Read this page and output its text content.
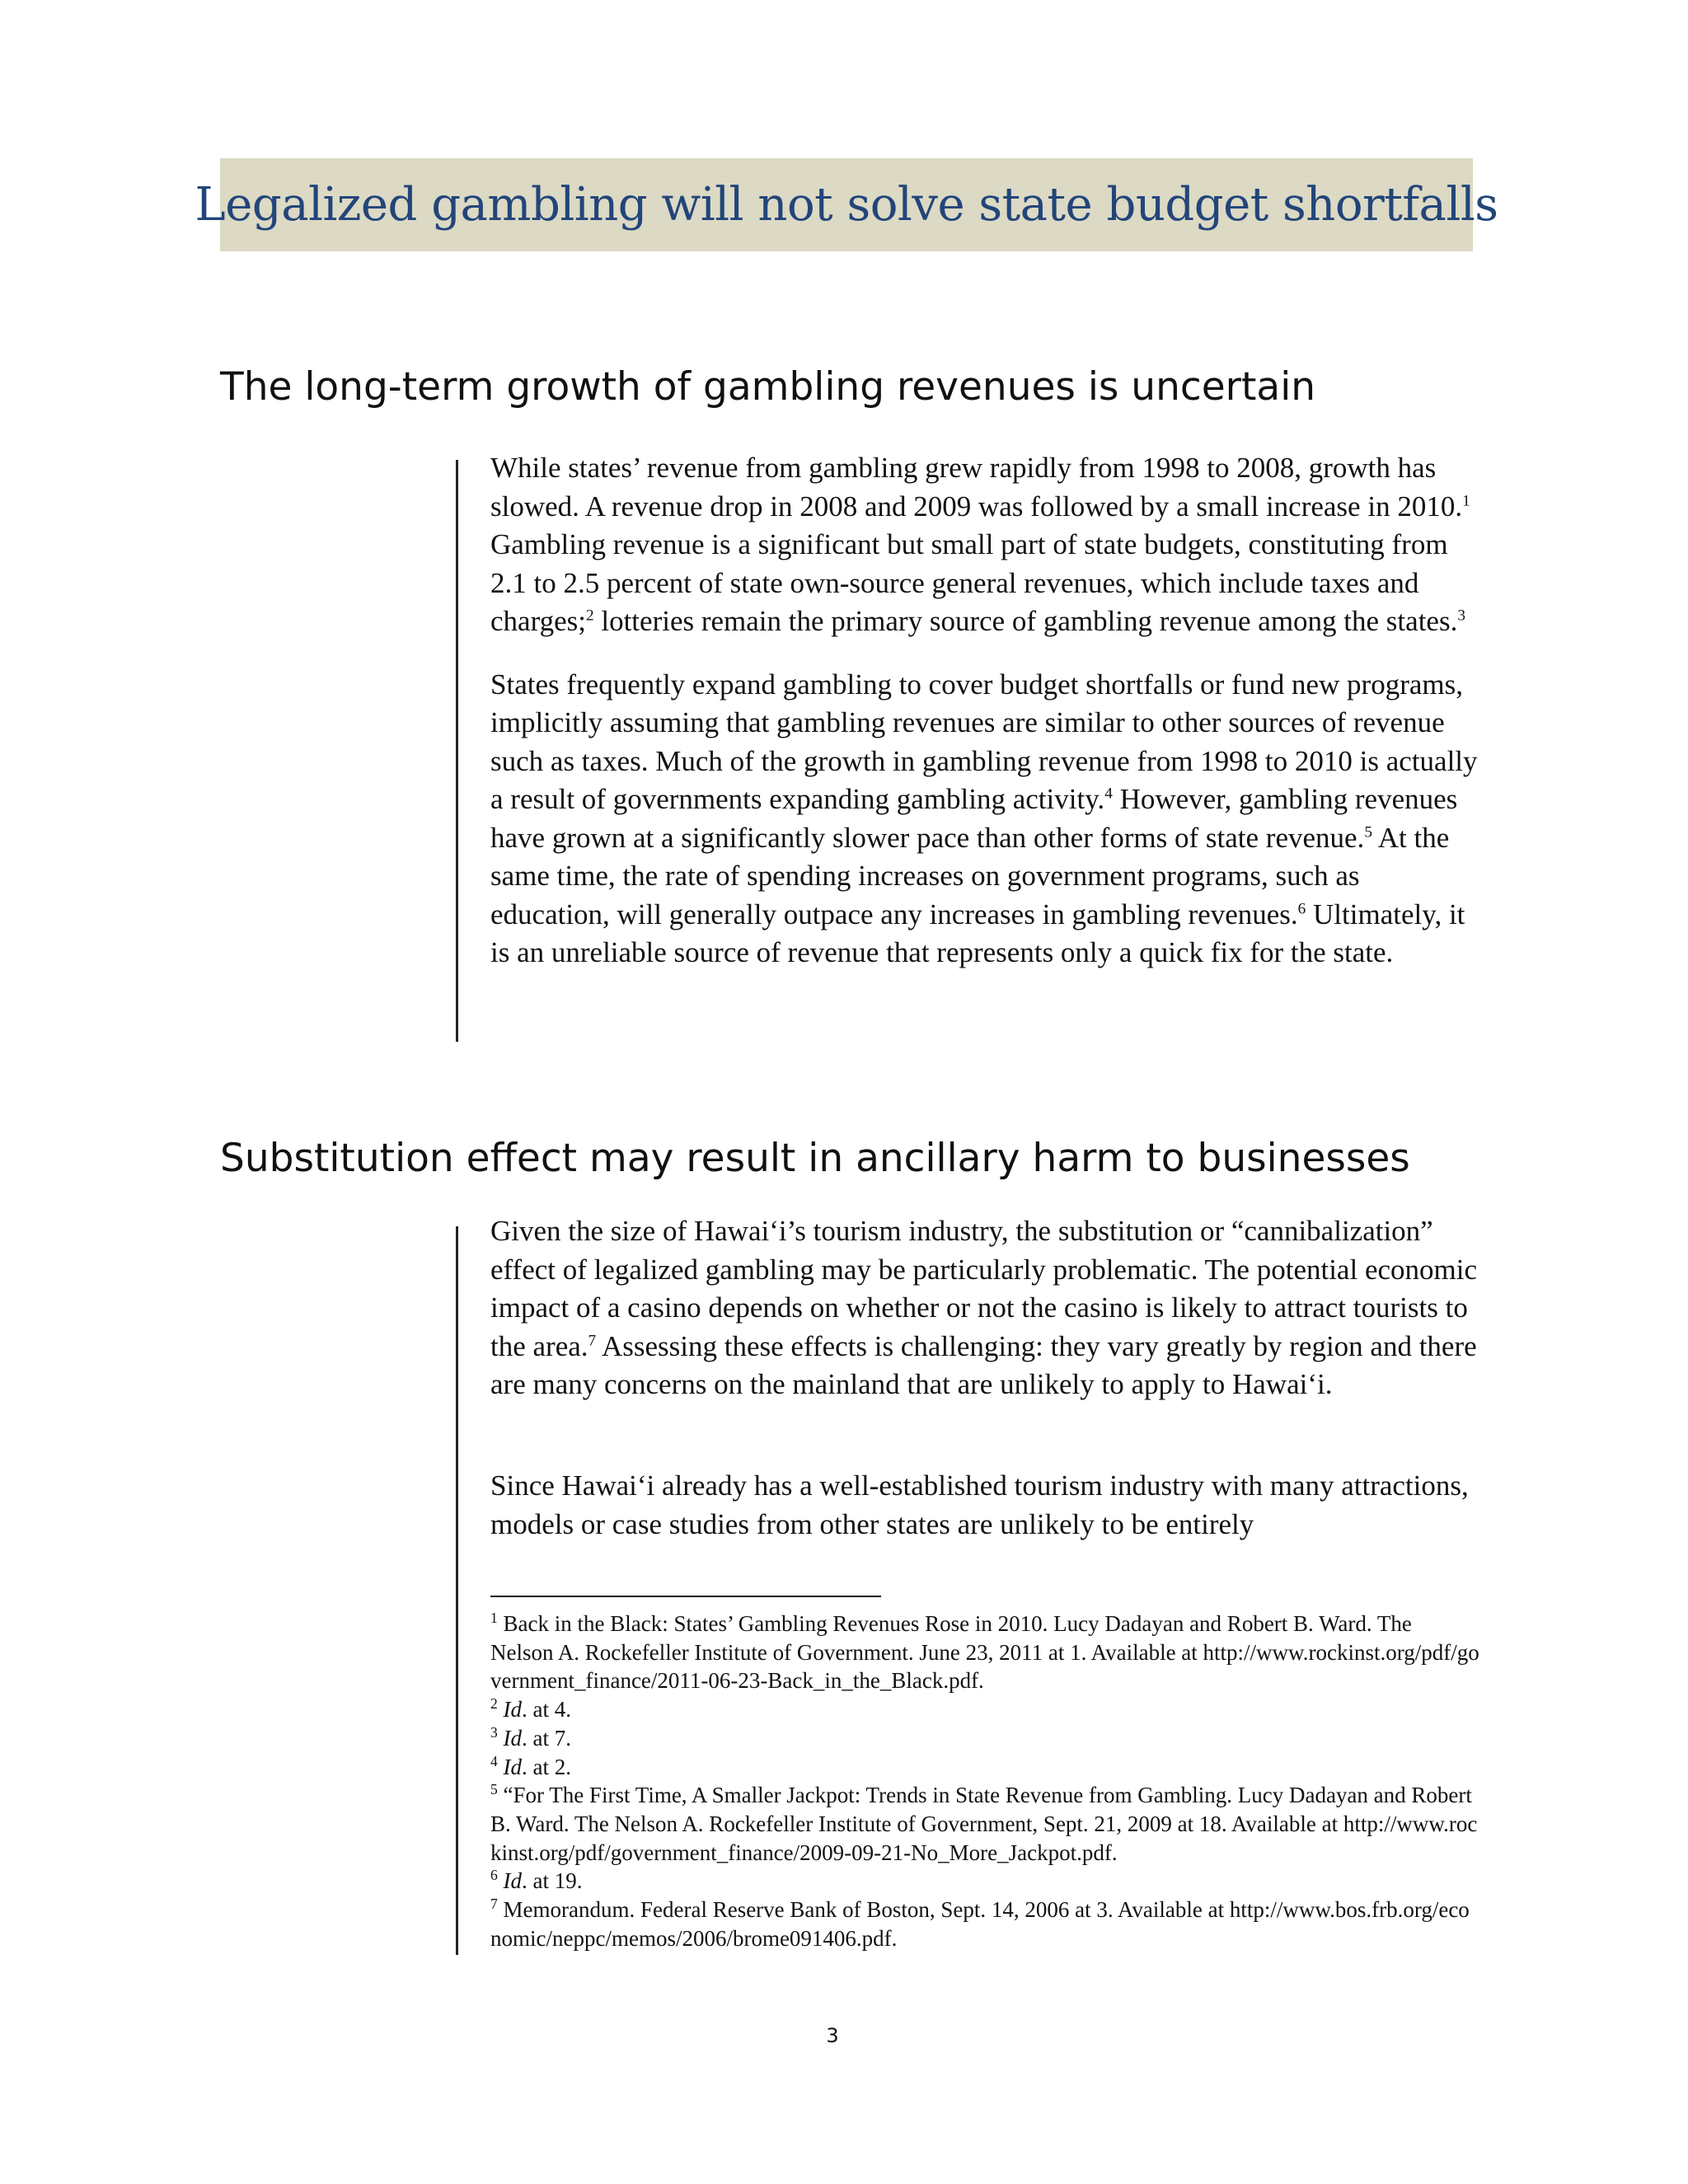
Legalized gambling will not solve state budget shortfalls
The long-term growth of gambling revenues is uncertain

While states’ revenue from gambling grew rapidly from 1998 to 2008, growth has slowed. A revenue drop in 2008 and 2009 was followed by a small increase in 2010.$^1$ Gambling revenue is a significant but small part of state budgets, constituting from 2.1 to 2.5 percent of state own-source general revenues, which include taxes and charges;$^2$ lotteries remain the primary source of gambling revenue among the states.$^3$

States frequently expand gambling to cover budget shortfalls or fund new programs, implicitly assuming that gambling revenues are similar to other sources of revenue such as taxes. Much of the growth in gambling revenue from 1998 to 2010 is actually a result of governments expanding gambling activity.$^4$ However, gambling revenues have grown at a significantly slower pace than other forms of state revenue.$^5$ At the same time, the rate of spending increases on government programs, such as education, will generally outpace any increases in gambling revenues.$^6$ Ultimately, it is an unreliable source of revenue that represents only a quick fix for the state.

Substitution effect may result in ancillary harm to businesses

Given the size of Hawai‘i’s tourism industry, the substitution or “cannibalization” effect of legalized gambling may be particularly problematic. The potential economic impact of a casino depends on whether or not the casino is likely to attract tourists to the area.$^7$ Assessing these effects is challenging: they vary greatly by region and there are many concerns on the mainland that are unlikely to apply to Hawai‘i.

Since Hawai‘i already has a well-established tourism industry with many attractions, models or case studies from other states are unlikely to be entirely

$^1$ Back in the Black: States’ Gambling Revenues Rose in 2010. Lucy Dadayan and Robert B. Ward. The Nelson A. Rockefeller Institute of Government. June 23, 2011 at 1. Available at http://www.rockinst.org/pdf/government_finance/2011-06-23-Back_in_the_Black.pdf.

$^2$ Id. at 4.

$^3$ Id. at 7.

$^4$ Id. at 2.

$^5$ “For The First Time, A Smaller Jackpot: Trends in State Revenue from Gambling. Lucy Dadayan and Robert B. Ward. The Nelson A. Rockefeller Institute of Government, Sept. 21, 2009 at 18. Available at http://www.rockinst.org/pdf/government_finance/2009-09-21-No_More_Jackpot.pdf.

$^6$ Id. at 19.

$^7$ Memorandum. Federal Reserve Bank of Boston, Sept. 14, 2006 at 3. Available at http://www.bos.frb.org/economic/neppc/memos/2006/brome091406.pdf.

3
